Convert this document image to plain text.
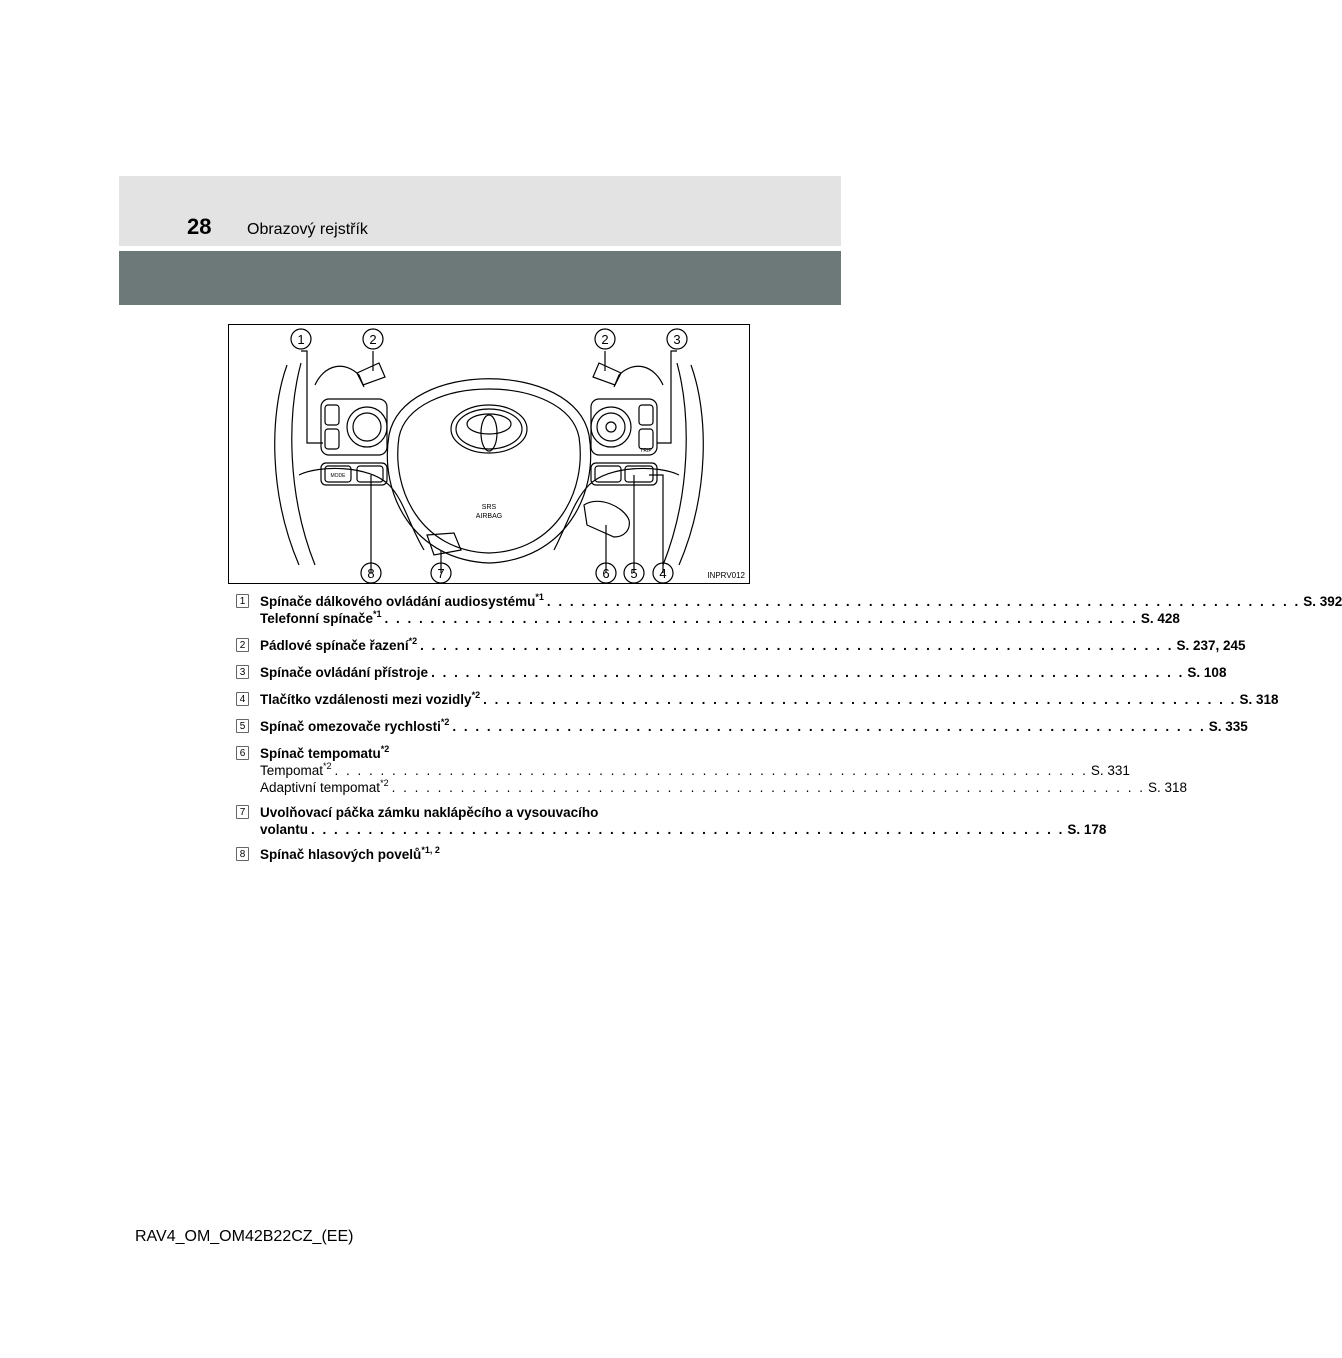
28 Obrazový rejstřík
1	2	2	3
8	7	6 5 4
SRS
AIRBAG
MODE
TRIP
INPRV012
1 Spínače dálkového ovládání audiosystému$^{*1}$ . . . . . . . . . . . . . . . . . . . . . . . . . . . . . . . . . . . . . . . . . . . . . . . . . . . . . . . . . . . . . . . . . . S. 392
Telefonní spínače$^{*1}$ . . . . . . . . . . . . . . . . . . . . . . . . . . . . . . . . . . . . . . . . . . . . . . . . . . . . . . . . . . . . . . . . . . S. 428
2 Pádlové spínače řazení$^{*2}$ . . . . . . . . . . . . . . . . . . . . . . . . . . . . . . . . . . . . . . . . . . . . . . . . . . . . . . . . . . . . . . . . . . S. 237, 245
3 Spínače ovládání přístroje . . . . . . . . . . . . . . . . . . . . . . . . . . . . . . . . . . . . . . . . . . . . . . . . . . . . . . . . . . . . . . . . . . S. 108
4 Tlačítko vzdálenosti mezi vozidly$^{*2}$ . . . . . . . . . . . . . . . . . . . . . . . . . . . . . . . . . . . . . . . . . . . . . . . . . . . . . . . . . . . . . . . . . . S. 318
5 Spínač omezovače rychlosti$^{*2}$ . . . . . . . . . . . . . . . . . . . . . . . . . . . . . . . . . . . . . . . . . . . . . . . . . . . . . . . . . . . . . . . . . . S. 335
6 Spínač tempomatu$^{*2}$
Tempomat$^{*2}$ . . . . . . . . . . . . . . . . . . . . . . . . . . . . . . . . . . . . . . . . . . . . . . . . . . . . . . . . . . . . . . . . . . S. 331
Adaptivní tempomat$^{*2}$ . . . . . . . . . . . . . . . . . . . . . . . . . . . . . . . . . . . . . . . . . . . . . . . . . . . . . . . . . . . . . . . . . . S. 318
7 Uvolňovací páčka zámku naklápěcího a vysouvacího
volantu . . . . . . . . . . . . . . . . . . . . . . . . . . . . . . . . . . . . . . . . . . . . . . . . . . . . . . . . . . . . . . . . . . S. 178
8 Spínač hlasových povelů$^{*1, 2}$
RAV4_OM_OM42B22CZ_(EE)
